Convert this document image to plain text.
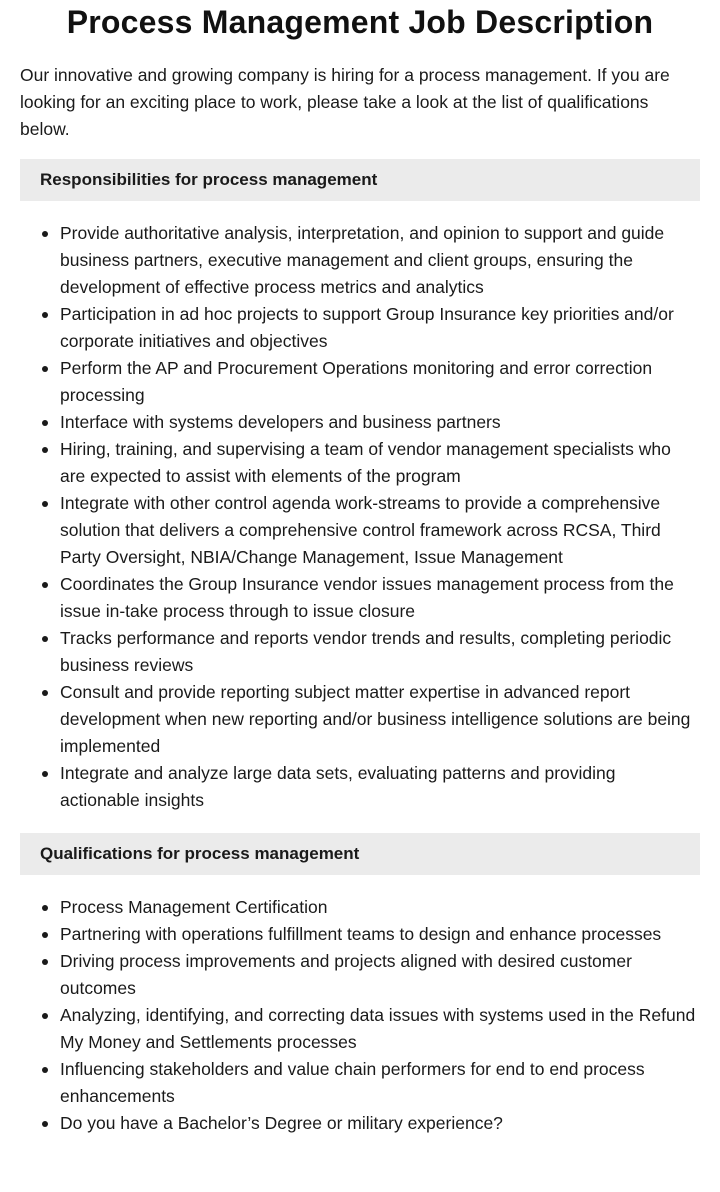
Process Management Job Description

Our innovative and growing company is hiring for a process management. If you are looking for an exciting place to work, please take a look at the list of qualifications below.

Responsibilities for process management
Provide authoritative analysis, interpretation, and opinion to support and guide business partners, executive management and client groups, ensuring the development of effective process metrics and analytics
Participation in ad hoc projects to support Group Insurance key priorities and/or corporate initiatives and objectives
Perform the AP and Procurement Operations monitoring and error correction processing
Interface with systems developers and business partners
Hiring, training, and supervising a team of vendor management specialists who are expected to assist with elements of the program
Integrate with other control agenda work-streams to provide a comprehensive solution that delivers a comprehensive control framework across RCSA, Third Party Oversight, NBIA/Change Management, Issue Management
Coordinates the Group Insurance vendor issues management process from the issue in-take process through to issue closure
Tracks performance and reports vendor trends and results, completing periodic business reviews
Consult and provide reporting subject matter expertise in advanced report development when new reporting and/or business intelligence solutions are being implemented
Integrate and analyze large data sets, evaluating patterns and providing actionable insights
Qualifications for process management
Process Management Certification
Partnering with operations fulfillment teams to design and enhance processes
Driving process improvements and projects aligned with desired customer outcomes
Analyzing, identifying, and correcting data issues with systems used in the Refund My Money and Settlements processes
Influencing stakeholders and value chain performers for end to end process enhancements
Do you have a Bachelor’s Degree or military experience?
